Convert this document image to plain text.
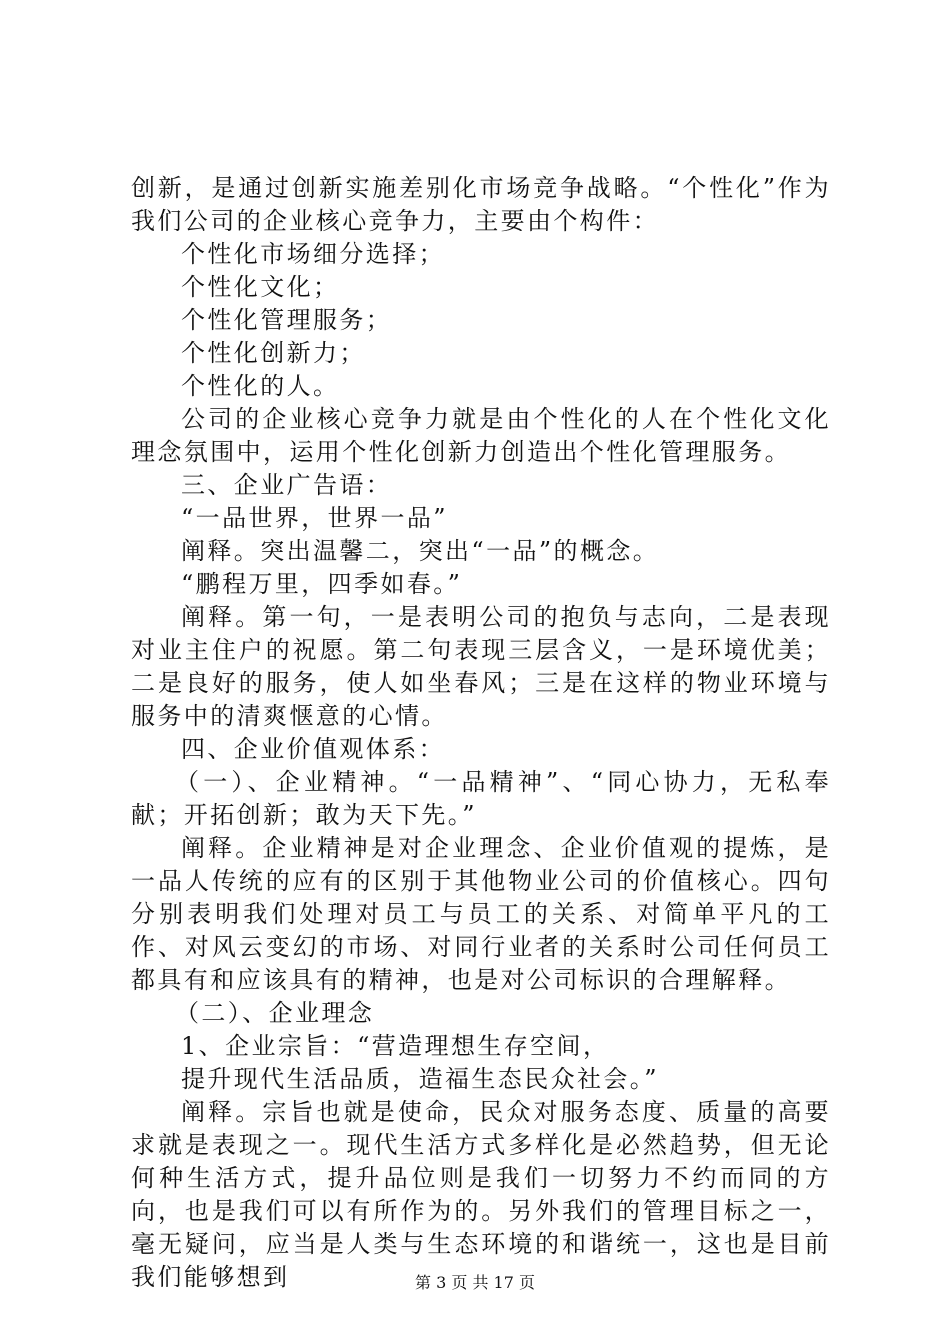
创新，是通过创新实施差别化市场竞争战略。“个性化”作为我们公司的企业核心竞争力，主要由个构件：

个性化市场细分选择；

个性化文化；

个性化管理服务；

个性化创新力；

个性化的人。

公司的企业核心竞争力就是由个性化的人在个性化文化理念氛围中，运用个性化创新力创造出个性化管理服务。

三、企业广告语：

“一品世界，世界一品”

阐释。突出温馨二，突出“一品”的概念。

“鹏程万里，四季如春。”

阐释。第一句，一是表明公司的抱负与志向，二是表现对业主住户的祝愿。第二句表现三层含义，一是环境优美；二是良好的服务，使人如坐春风；三是在这样的物业环境与服务中的清爽惬意的心情。

四、企业价值观体系：

（一）、企业精神。“一品精神”、“同心协力，无私奉献；开拓创新；敢为天下先。”

阐释。企业精神是对企业理念、企业价值观的提炼，是一品人传统的应有的区别于其他物业公司的价值核心。四句分别表明我们处理对员工与员工的关系、对简单平凡的工作、对风云变幻的市场、对同行业者的关系时公司任何员工都具有和应该具有的精神，也是对公司标识的合理解释。

（二）、企业理念

1、企业宗旨：“营造理想生存空间，

提升现代生活品质，造福生态民众社会。”

阐释。宗旨也就是使命，民众对服务态度、质量的高要求就是表现之一。现代生活方式多样化是必然趋势，但无论何种生活方式，提升品位则是我们一切努力不约而同的方向，也是我们可以有所作为的。另外我们的管理目标之一，毫无疑问，应当是人类与生态环境的和谐统一，这也是目前我们能够想到	第 3 页 共 17 页
